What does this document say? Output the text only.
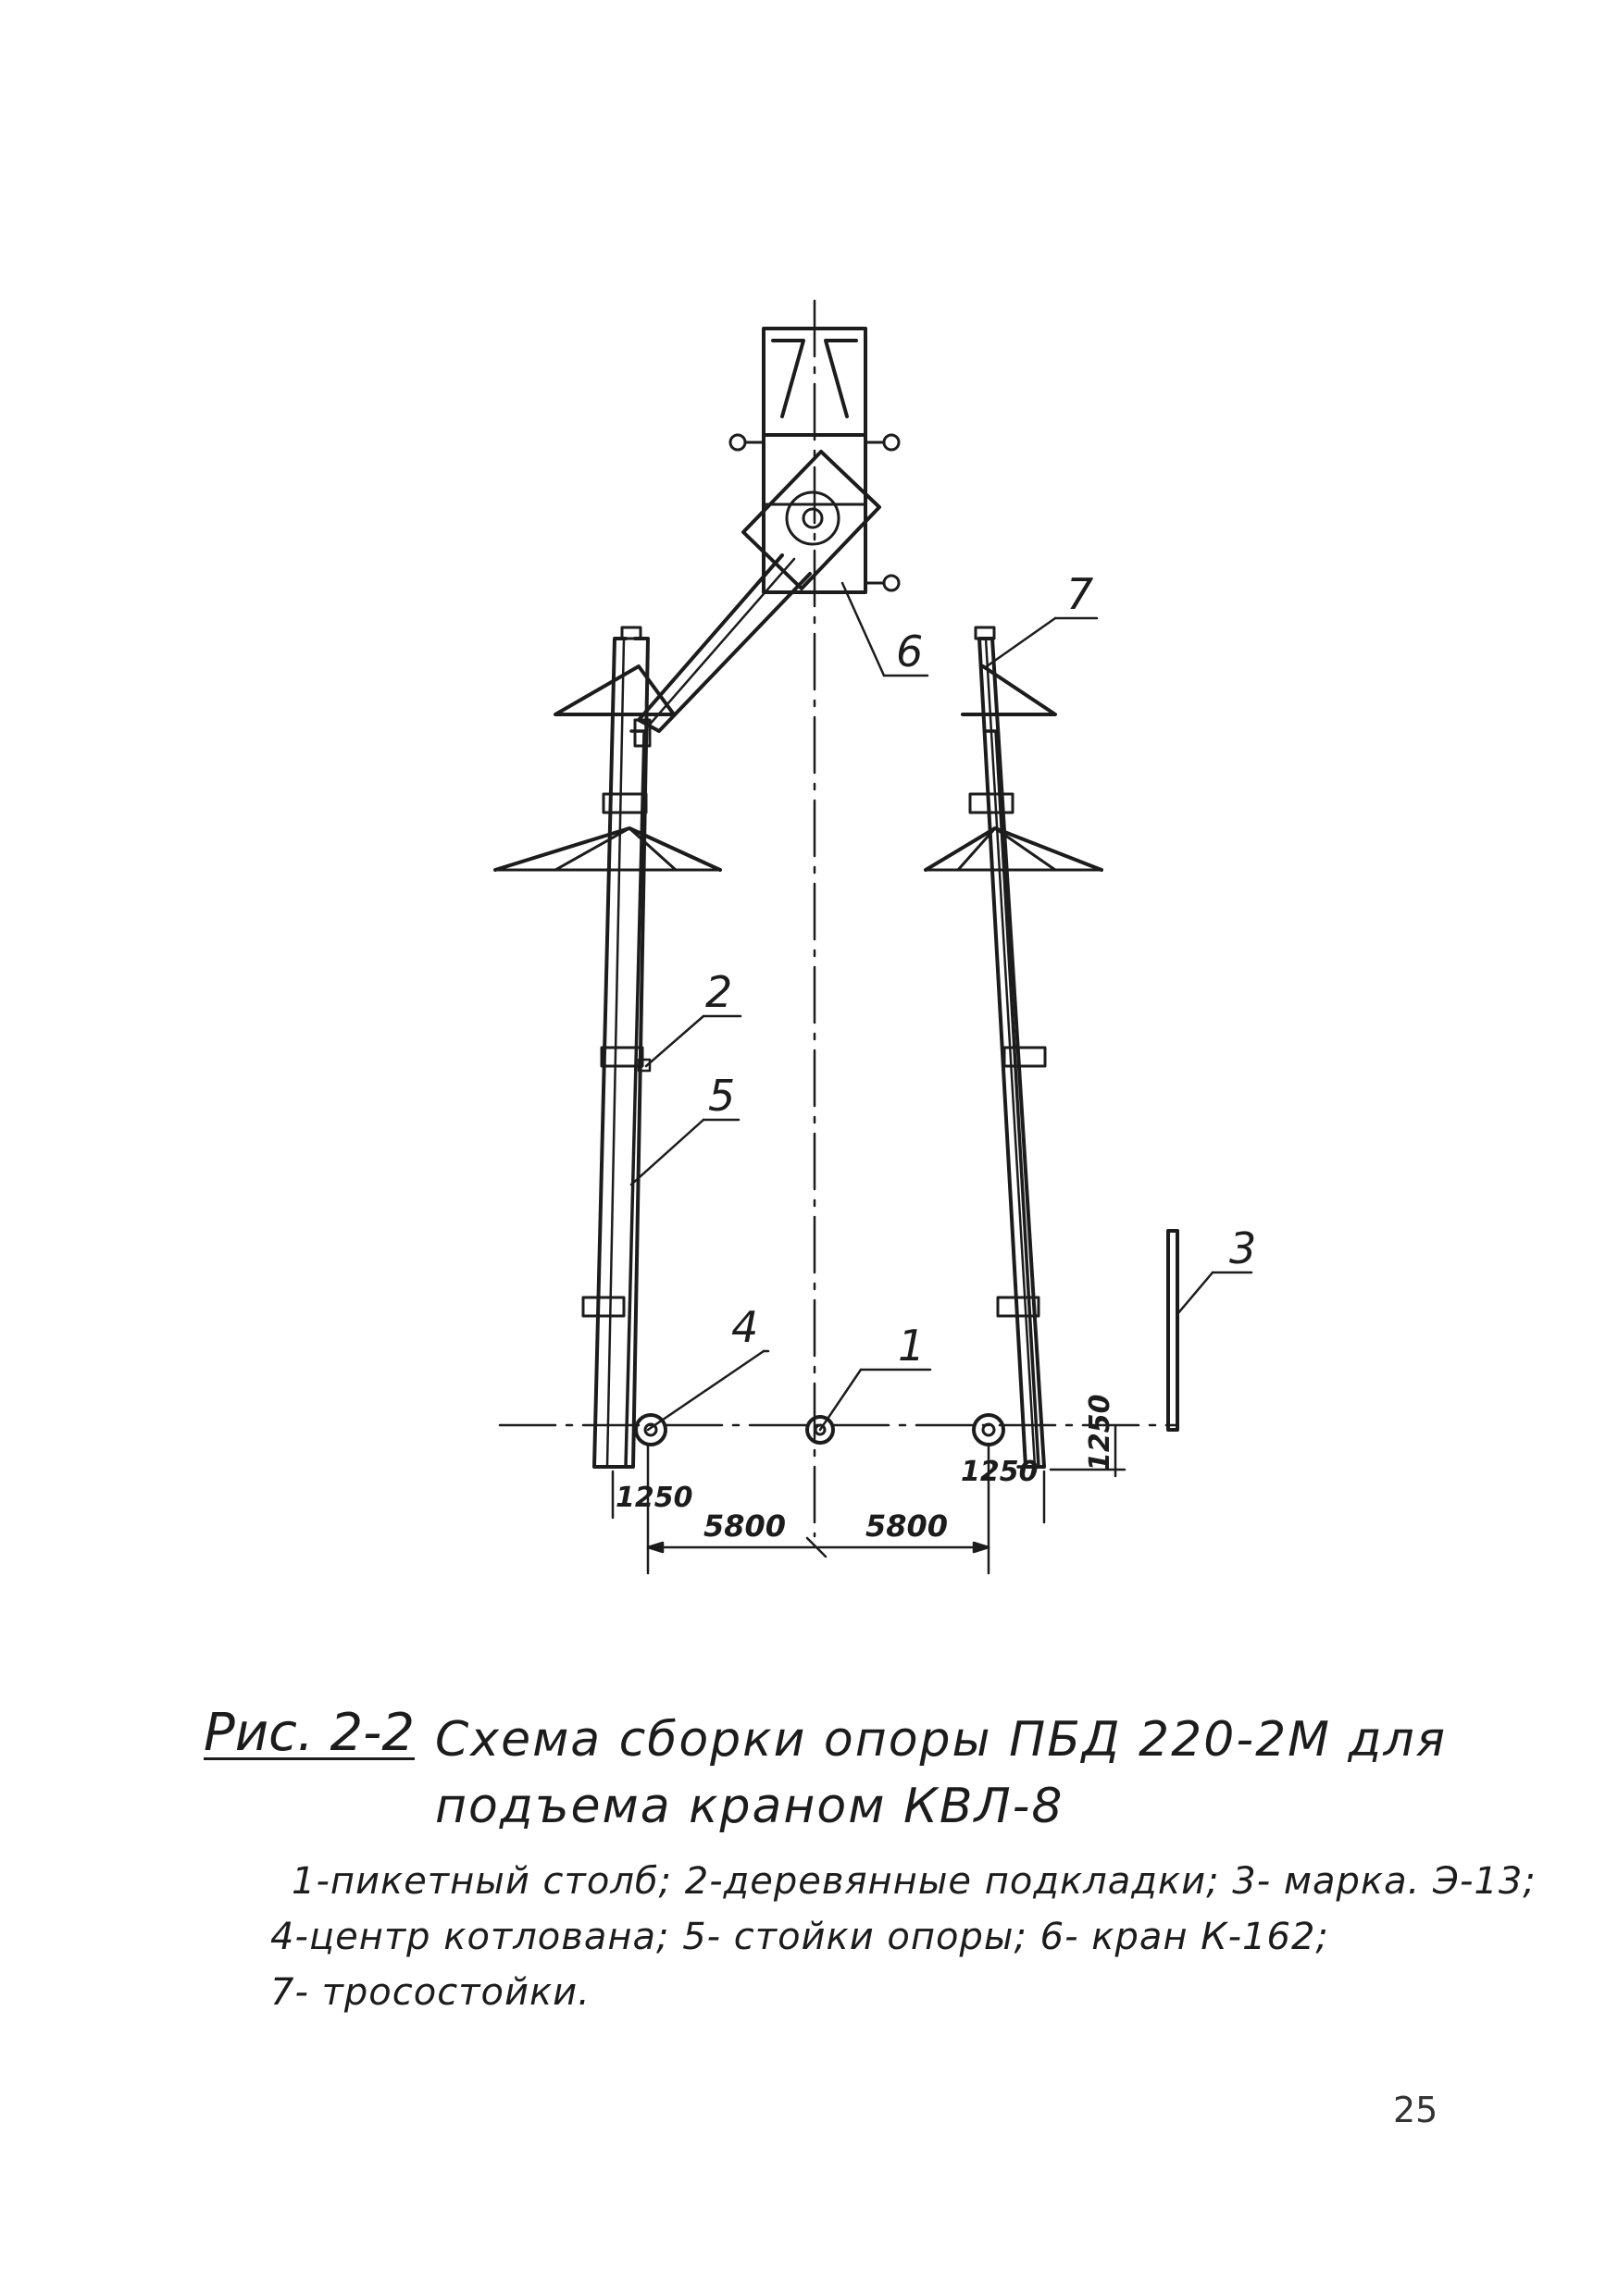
1
2
3
4
5
6
7
1250
1250
1250
5800	5800

Рис. 2-2 Схема сборки опоры ПБД 220-2М для

подъема краном КВЛ-8

1-пикетный столб; 2-деревянные подкладки; 3- марка. Э-13;

4-центр котлована; 5- стойки опоры; 6- кран К-162;

7- тросостойки.

25
